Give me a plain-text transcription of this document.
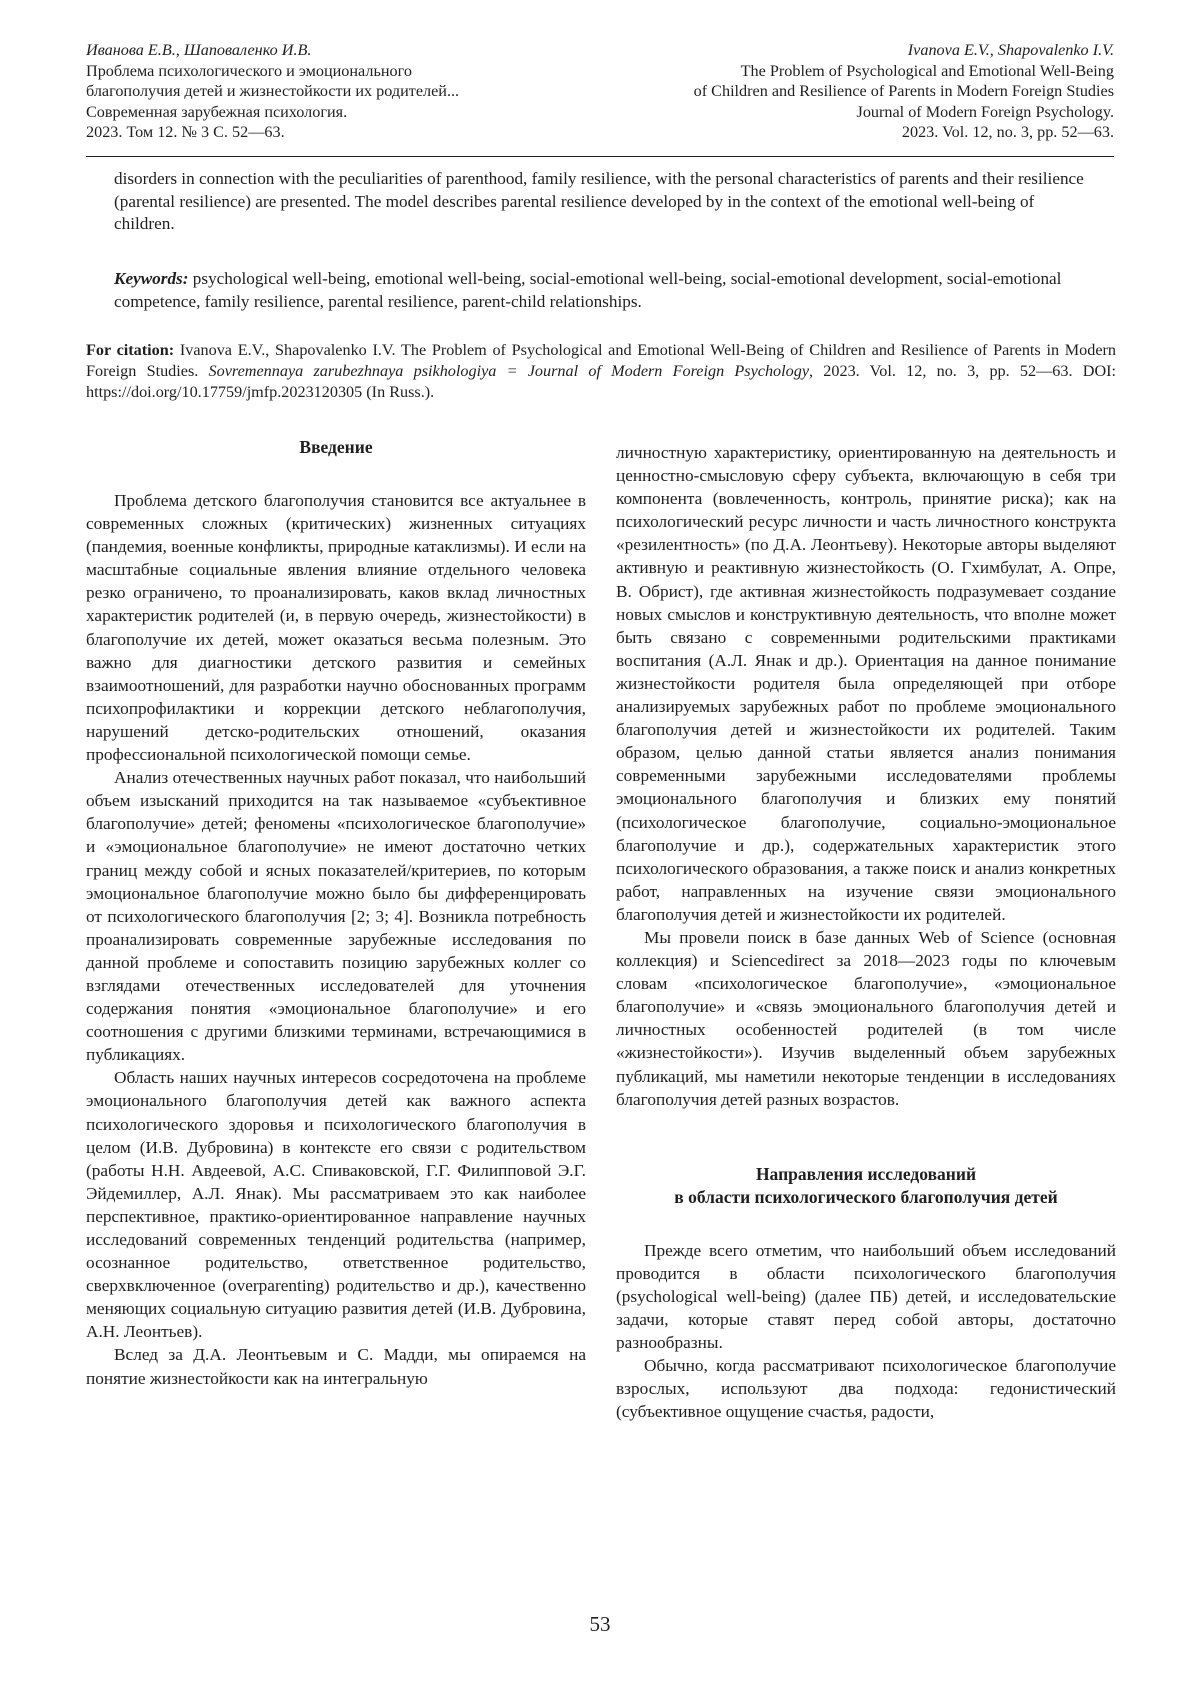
Иванова Е.В., Шаповаленко И.В.
Проблема психологического и эмоционального
благополучия детей и жизнестойкости их родителей...
Современная зарубежная психология.
2023. Том 12. № 3 С. 52—63.
Ivanova E.V., Shapovalenko I.V.
The Problem of Psychological and Emotional Well-Being
of Children and Resilience of Parents in Modern Foreign Studies
Journal of Modern Foreign Psychology.
2023. Vol. 12, no. 3, pp. 52—63.
disorders in connection with the peculiarities of parenthood, family resilience, with the personal characteristics of parents and their resilience (parental resilience) are presented. The model describes parental resilience developed by in the context of the emotional well-being of children.
Keywords: psychological well-being, emotional well-being, social-emotional well-being, social-emotional development, social-emotional competence, family resilience, parental resilience, parent-child relationships.
For citation: Ivanova E.V., Shapovalenko I.V. The Problem of Psychological and Emotional Well-Being of Children and Resilience of Parents in Modern Foreign Studies. Sovremennaya zarubezhnaya psikhologiya = Journal of Modern Foreign Psychology, 2023. Vol. 12, no. 3, pp. 52—63. DOI: https://doi.org/10.17759/jmfp.2023120305 (In Russ.).
Введение

Проблема детского благополучия становится все актуальнее в современных сложных (критических) жизненных ситуациях (пандемия, военные конфликты, природные катаклизмы). И если на масштабные социальные явления влияние отдельного человека резко ограничено, то проанализировать, каков вклад личностных характеристик родителей (и, в первую очередь, жизнестойкости) в благополучие их детей, может оказаться весьма полезным. Это важно для диагностики детского развития и семейных взаимоотношений, для разработки научно обоснованных программ психопрофилактики и коррекции детского неблагополучия, нарушений детско-родительских отношений, оказания профессиональной психологической помощи семье.

Анализ отечественных научных работ показал, что наибольший объем изысканий приходится на так называемое «субъективное благополучие» детей; феномены «психологическое благополучие» и «эмоциональное благополучие» не имеют достаточно четких границ между собой и ясных показателей/критериев, по которым эмоциональное благополучие можно было бы дифференцировать от психологического благополучия [2; 3; 4]. Возникла потребность проанализировать современные зарубежные исследования по данной проблеме и сопоставить позицию зарубежных коллег со взглядами отечественных исследователей для уточнения содержания понятия «эмоциональное благополучие» и его соотношения с другими близкими терминами, встречающимися в публикациях.

Область наших научных интересов сосредоточена на проблеме эмоционального благополучия детей как важного аспекта психологического здоровья и психологического благополучия в целом (И.В. Дубровина) в контексте его связи с родительством (работы Н.Н. Авдеевой, А.С. Спиваковской, Г.Г. Филипповой Э.Г. Эйдемиллер, А.Л. Янак). Мы рассматриваем это как наиболее перспективное, практико-ориентированное направление научных исследований современных тенденций родительства (например, осознанное родительство, ответственное родительство, сверхвключенное (overparenting) родительство и др.), качественно меняющих социальную ситуацию развития детей (И.В. Дубровина, А.Н. Леонтьев).

Вслед за Д.А. Леонтьевым и С. Мадди, мы опираемся на понятие жизнестойкости как на интегральную

личностную характеристику, ориентированную на деятельность и ценностно-смысловую сферу субъекта, включающую в себя три компонента (вовлеченность, контроль, принятие риска); как на психологический ресурс личности и часть личностного конструкта «резилентность» (по Д.А. Леонтьеву). Некоторые авторы выделяют активную и реактивную жизнестойкость (О. Гхимбулат, А. Опре, В. Обрист), где активная жизнестойкость подразумевает создание новых смыслов и конструктивную деятельность, что вполне может быть связано с современными родительскими практиками воспитания (А.Л. Янак и др.). Ориентация на данное понимание жизнестойкости родителя была определяющей при отборе анализируемых зарубежных работ по проблеме эмоционального благополучия детей и жизнестойкости их родителей. Таким образом, целью данной статьи является анализ понимания современными зарубежными исследователями проблемы эмоционального благополучия и близких ему понятий (психологическое благополучие, социально-эмоциональное благополучие и др.), содержательных характеристик этого психологического образования, а также поиск и анализ конкретных работ, направленных на изучение связи эмоционального благополучия детей и жизнестойкости их родителей.

Мы провели поиск в базе данных Web of Science (основная коллекция) и Sciencedirect за 2018—2023 годы по ключевым словам «психологическое благополучие», «эмоциональное благополучие» и «связь эмоционального благополучия детей и личностных особенностей родителей (в том числе «жизнестойкости»). Изучив выделенный объем зарубежных публикаций, мы наметили некоторые тенденции в исследованиях благополучия детей разных возрастов.

Направления исследований
в области психологического благополучия детей

Прежде всего отметим, что наибольший объем исследований проводится в области психологического благополучия (psychological well-being) (далее ПБ) детей, и исследовательские задачи, которые ставят перед собой авторы, достаточно разнообразны.

Обычно, когда рассматривают психологическое благополучие взрослых, используют два подхода: гедонистический (субъективное ощущение счастья, радости,

53
